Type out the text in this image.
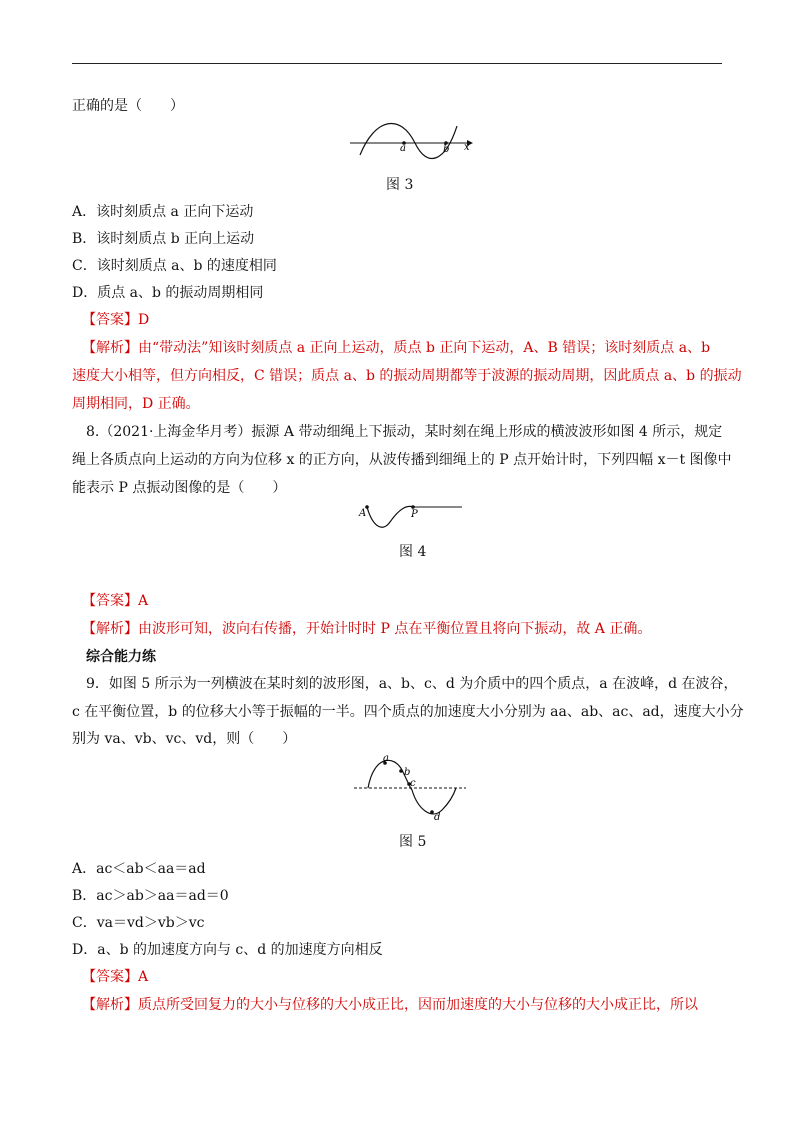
正确的是（　　）
a	b x
图 3
A．该时刻质点 a 正向下运动
B．该时刻质点 b 正向上运动
C．该时刻质点 a、b 的速度相同
D．质点 a、b 的振动周期相同
【答案】D
【解析】由“带动法”知该时刻质点 a 正向上运动，质点 b 正向下运动，A、B 错误；该时刻质点 a、b
速度大小相等，但方向相反，C 错误；质点 a、b 的振动周期都等于波源的振动周期，因此质点 a、b 的振动
周期相同，D 正确。
8.（2021·上海金华月考）振源 A 带动细绳上下振动，某时刻在绳上形成的横波波形如图 4 所示，规定
绳上各质点向上运动的方向为位移 x 的正方向，从波传播到细绳上的 P 点开始计时，下列四幅 x－t 图像中
能表示 P 点振动图像的是（　　）
A	P
图 4
【答案】A
【解析】由波形可知，波向右传播，开始计时时 P 点在平衡位置且将向下振动，故 A 正确。
综合能力练
9．如图 5 所示为一列横波在某时刻的波形图，a、b、c、d 为介质中的四个质点，a 在波峰，d 在波谷，
c 在平衡位置，b 的位移大小等于振幅的一半。四个质点的加速度大小分别为 aa、ab、ac、ad，速度大小分
别为 va、vb、vc、vd，则（　　）
a
b
c
d
图 5
A．ac＜ab＜aa＝ad
B．ac＞ab＞aa＝ad＝0
C．va＝vd＞vb＞vc
D．a、b 的加速度方向与 c、d 的加速度方向相反
【答案】A
【解析】质点所受回复力的大小与位移的大小成正比，因而加速度的大小与位移的大小成正比，所以
